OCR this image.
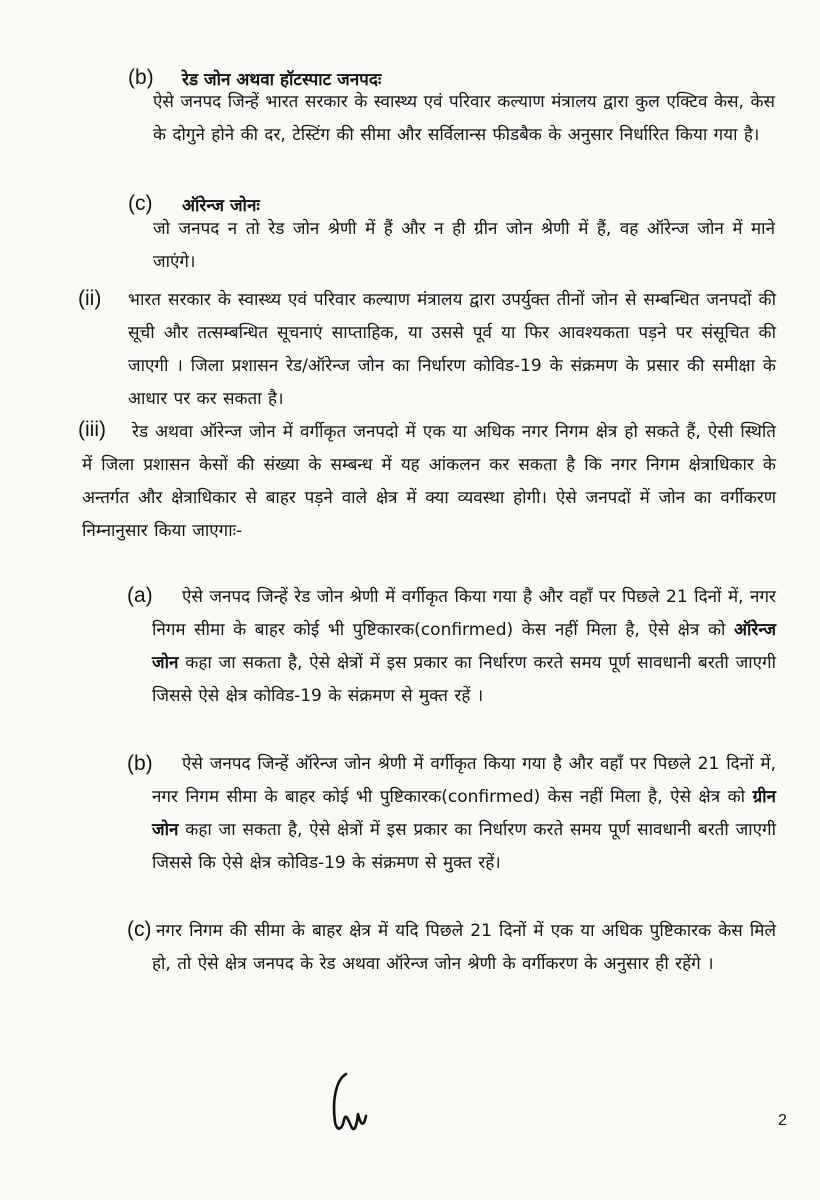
(b) रेड जोन अथवा हॉटस्पाट जनपदः

ऐसे जनपद जिन्हें भारत सरकार के स्वास्थ्य एवं परिवार कल्याण मंत्रालय द्वारा कुल एक्टिव केस, केस के दोगुने होने की दर, टेस्टिंग की सीमा और सर्विलान्स फीडबैक के अनुसार निर्धारित किया गया है।

(c) ऑरेन्ज जोनः

जो जनपद न तो रेड जोन श्रेणी में हैं और न ही ग्रीन जोन श्रेणी में हैं, वह ऑरेन्ज जोन में माने जाएंगे।

(ii) भारत सरकार के स्वास्थ्य एवं परिवार कल्याण मंत्रालय द्वारा उपर्युक्त तीनों जोन से सम्बन्धित जनपदों की सूची और तत्सम्बन्धित सूचनाएं साप्ताहिक, या उससे पूर्व या फिर आवश्यकता पड़ने पर संसूचित की जाएगी । जिला प्रशासन रेड/ऑरेन्ज जोन का निर्धारण कोविड-19 के संक्रमण के प्रसार की समीक्षा के आधार पर कर सकता है।

(iii)	रेड अथवा ऑरेन्ज जोन में वर्गीकृत जनपदो में एक या अधिक नगर निगम क्षेत्र हो सकते हैं, ऐसी स्थिति में जिला प्रशासन केसों की संख्या के सम्बन्ध में यह आंकलन कर सकता है कि नगर निगम क्षेत्राधिकार के अन्तर्गत और क्षेत्राधिकार से बाहर पड़ने वाले क्षेत्र में क्या व्यवस्था होगी। ऐसे जनपदों में जोन का वर्गीकरण निम्नानुसार किया जाएगाः-

(a)	ऐसे जनपद जिन्हें रेड जोन श्रेणी में वर्गीकृत किया गया है और वहाँ पर पिछले 21 दिनों में, नगर निगम सीमा के बाहर कोई भी पुष्टिकारक(confirmed) केस नहीं मिला है, ऐसे क्षेत्र को ऑरेन्ज जोन कहा जा सकता है, ऐसे क्षेत्रों में इस प्रकार का निर्धारण करते समय पूर्ण सावधानी बरती जाएगी जिससे ऐसे क्षेत्र कोविड-19 के संक्रमण से मुक्त रहें ।

(b)	ऐसे जनपद जिन्हें ऑरेन्ज जोन श्रेणी में वर्गीकृत किया गया है और वहाँ पर पिछले 21 दिनों में, नगर निगम सीमा के बाहर कोई भी पुष्टिकारक(confirmed) केस नहीं मिला है, ऐसे क्षेत्र को ग्रीन जोन कहा जा सकता है, ऐसे क्षेत्रों में इस प्रकार का निर्धारण करते समय पूर्ण सावधानी बरती जाएगी जिससे कि ऐसे क्षेत्र कोविड-19 के संक्रमण से मुक्त रहें।

(c) नगर निगम की सीमा के बाहर क्षेत्र में यदि पिछले 21 दिनों में एक या अधिक पुष्टिकारक केस मिले हो, तो ऐसे क्षेत्र जनपद के रेड अथवा ऑरेन्ज जोन श्रेणी के वर्गीकरण के अनुसार ही रहेंगे ।

2
